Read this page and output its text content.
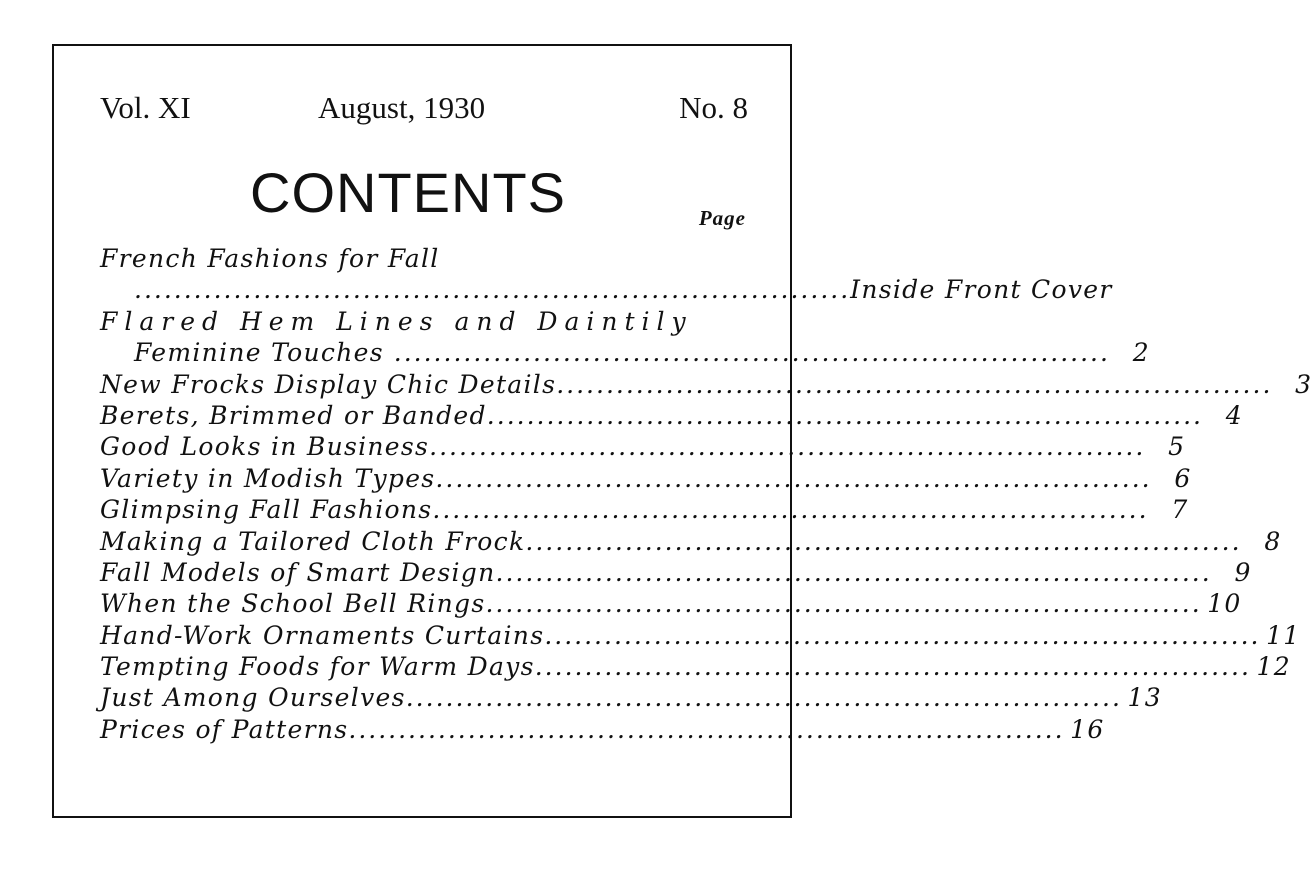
Vol. XI	August, 1930	No. 8
CONTENTS	Page
French Fashions for Fall
........................................................................ Inside Front Cover
Flared Hem Lines and Daintily
Feminine Touches ........................................................................ 2
New Frocks Display Chic Details ........................................................................ 3
Berets, Brimmed or Banded ........................................................................ 4
Good Looks in Business ........................................................................ 5
Variety in Modish Types ........................................................................ 6
Glimpsing Fall Fashions ........................................................................ 7
Making a Tailored Cloth Frock ........................................................................ 8
Fall Models of Smart Design ........................................................................ 9
When the School Bell Rings ........................................................................ 10
Hand-Work Ornaments Curtains ........................................................................ 11
Tempting Foods for Warm Days ........................................................................ 12
Just Among Ourselves ........................................................................ 13
Prices of Patterns ........................................................................ 16
